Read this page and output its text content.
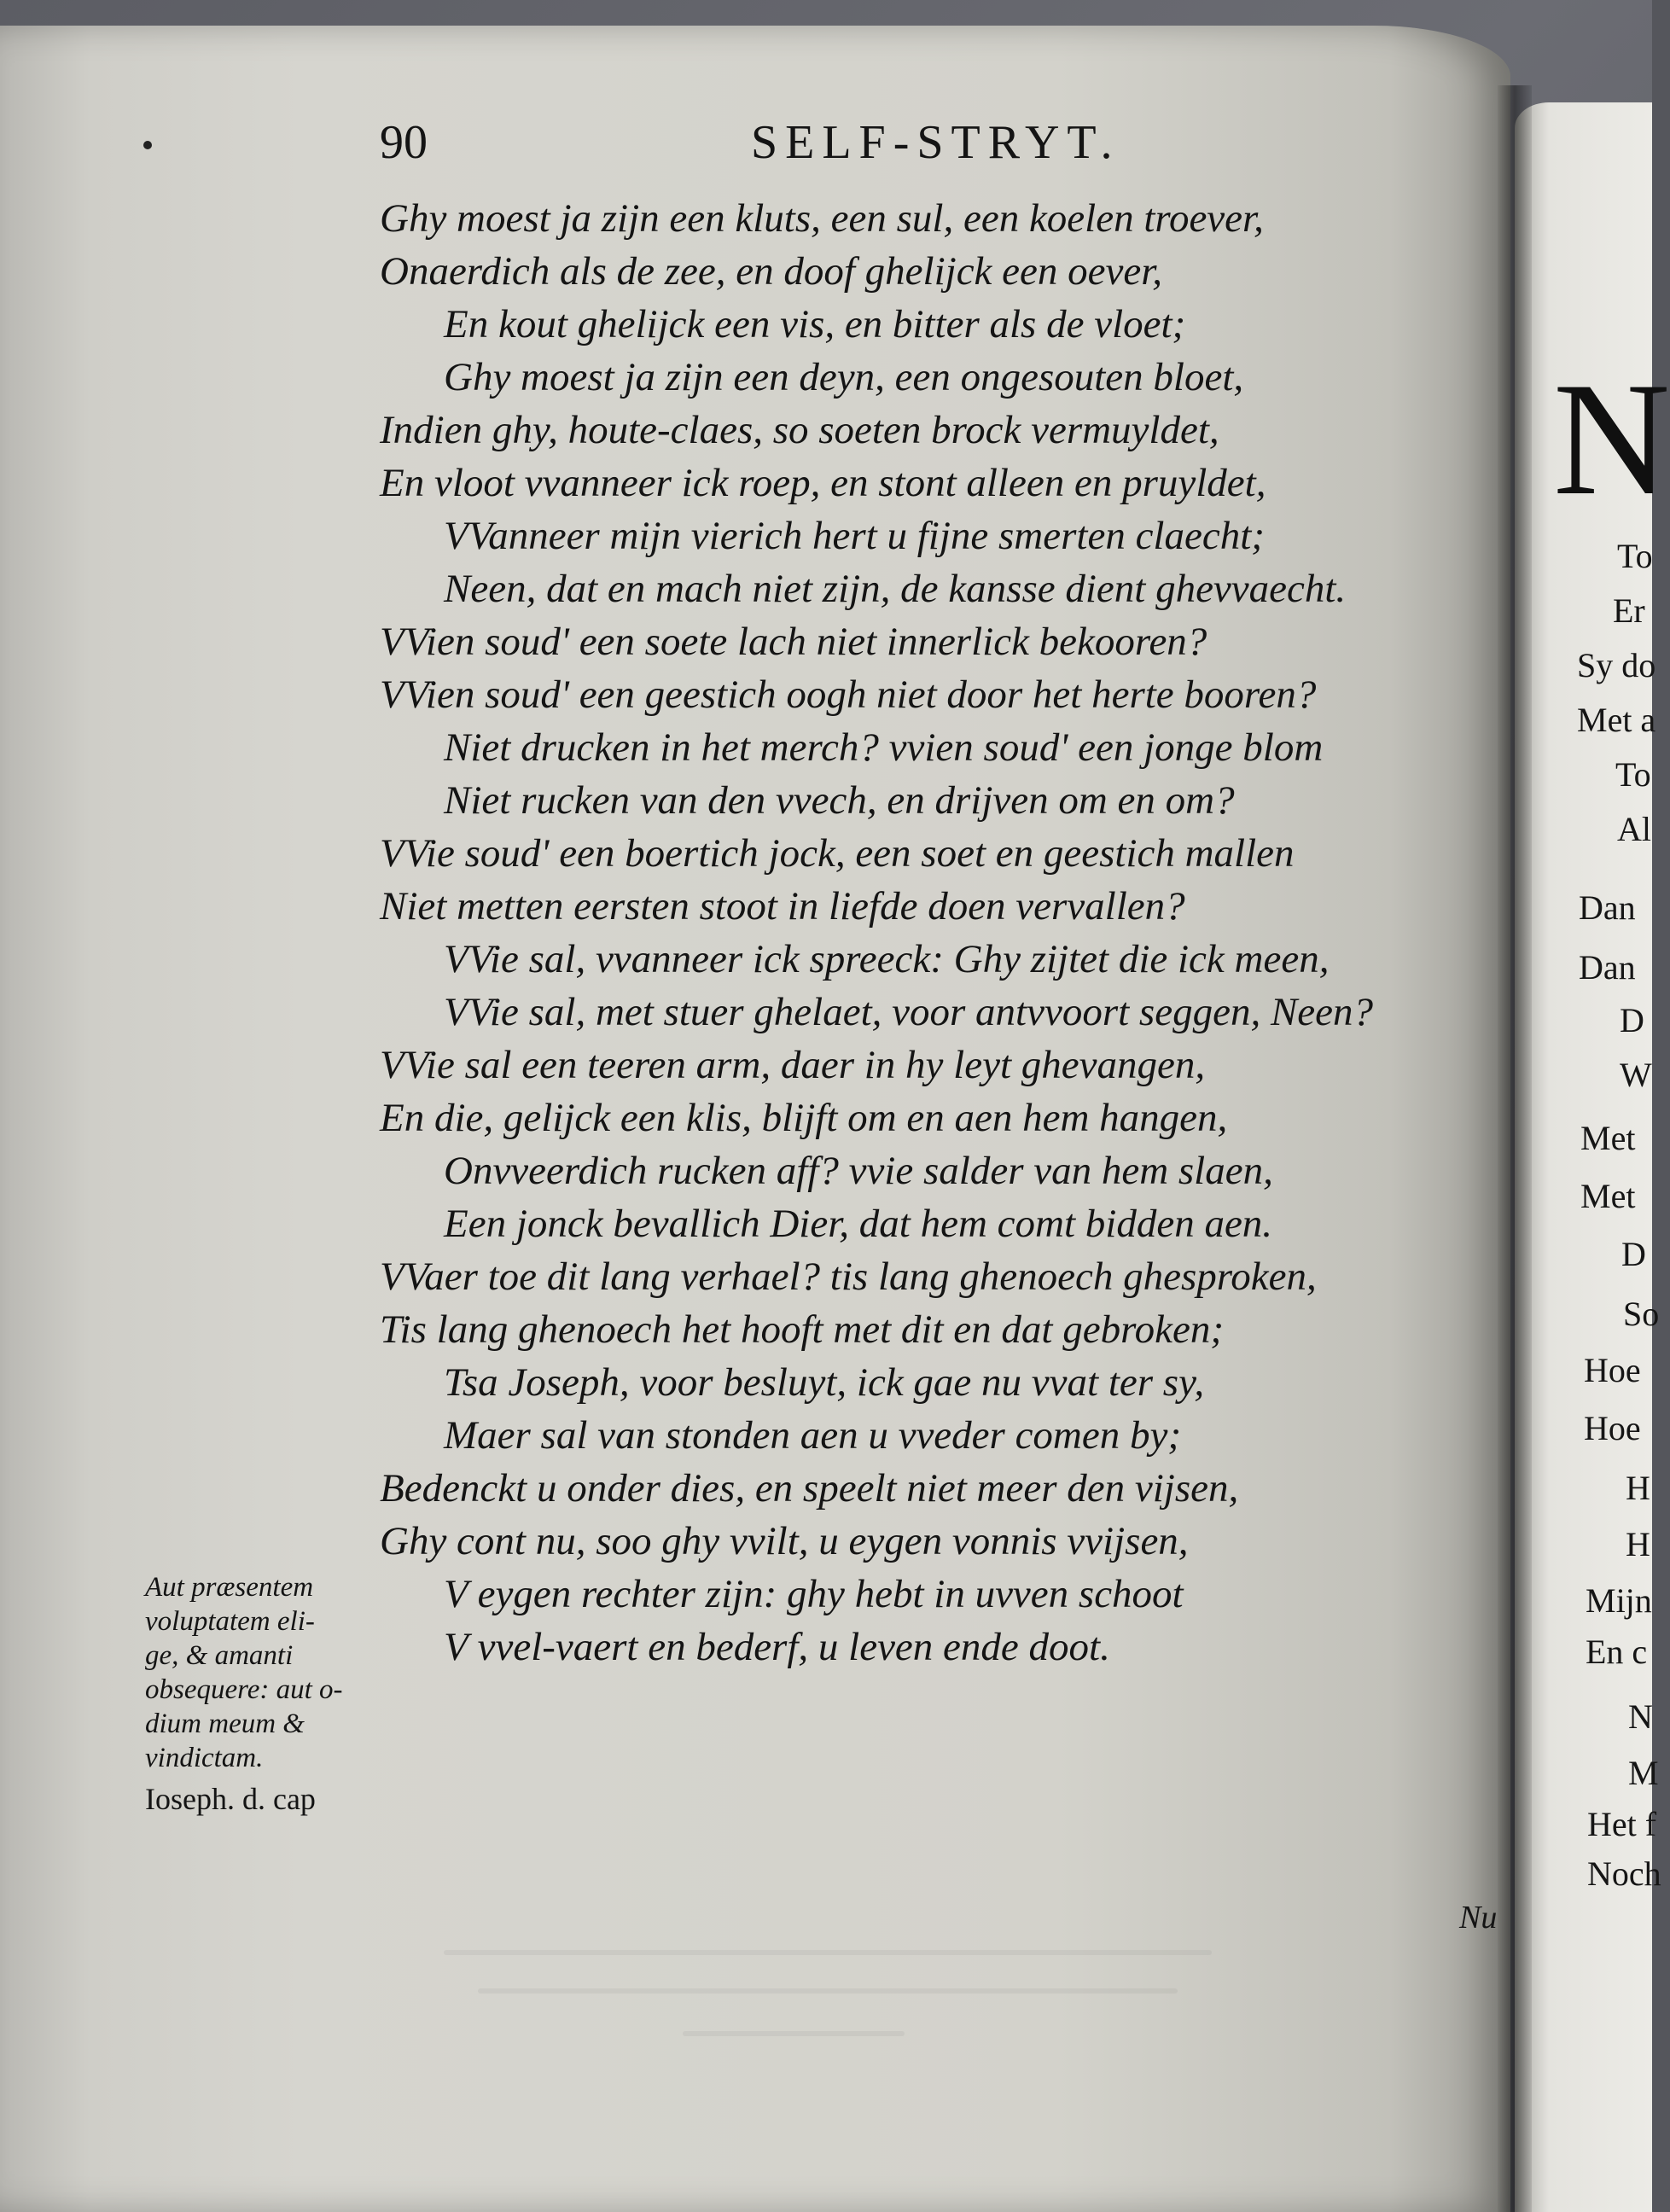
90	SELF-STRYT.
Ghy moest ja zijn een kluts, een sul, een koelen troever,
Onaerdich als de zee, en doof ghelijck een oever,
En kout ghelijck een vis, en bitter als de vloet;
Ghy moest ja zijn een deyn, een ongesouten bloet,
Indien ghy, houte-claes, so soeten brock vermuyldet,
En vloot vvanneer ick roep, en stont alleen en pruyldet,
VVanneer mijn vierich hert u fijne smerten claecht;
Neen, dat en mach niet zijn, de kansse dient ghevvaecht.
VVien soud' een soete lach niet innerlick bekooren?
VVien soud' een geestich oogh niet door het herte booren?
Niet drucken in het merch? vvien soud' een jonge blom
Niet rucken van den vvech, en drijven om en om?
VVie soud' een boertich jock, een soet en geestich mallen
Niet metten eersten stoot in liefde doen vervallen?
VVie sal, vvanneer ick spreeck: Ghy zijtet die ick meen,
VVie sal, met stuer ghelaet, voor antvvoort seggen, Neen?
VVie sal een teeren arm, daer in hy leyt ghevangen,
En die, gelijck een klis, blijft om en aen hem hangen,
Onvveerdich rucken aff? vvie salder van hem slaen,
Een jonck bevallich Dier, dat hem comt bidden aen.
VVaer toe dit lang verhael? tis lang ghenoech ghesproken,
Tis lang ghenoech het hooft met dit en dat gebroken;
Tsa Joseph, voor besluyt, ick gae nu vvat ter sy,
Maer sal van stonden aen u vveder comen by;
Bedenckt u onder dies, en speelt niet meer den vijsen,
Ghy cont nu, soo ghy vvilt, u eygen vonnis vvijsen,
V eygen rechter zijn: ghy hebt in uvven schoot
V vvel-vaert en bederf, u leven ende doot.
Aut præsentem
voluptatem eli-
ge, & amanti
obsequere: aut o-
dium meum &
vindictam.
Ioseph. d. cap
Nu
N
To
Er
Sy do
Met a
To
Al
Dan
Dan
D
W
Met
Met
D
So
Hoe
Hoe
H
H
Mijn
En c
N
M
Het f
Noch
